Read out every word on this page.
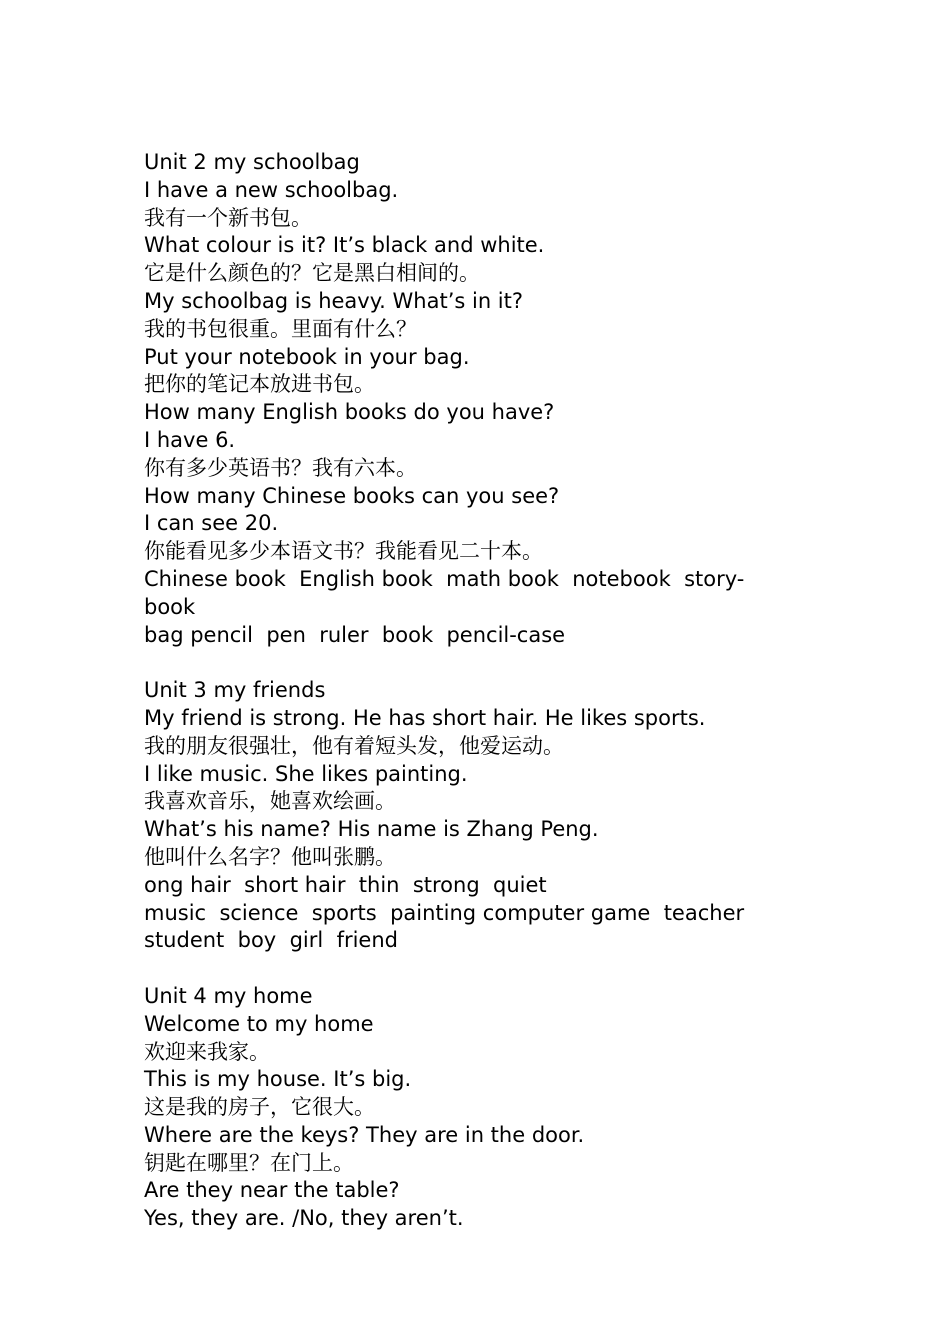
Unit 2 my schoolbag
I have a new schoolbag.
我有一个新书包。
What colour is it? It’s black and white.
它是什么颜色的？它是黑白相间的。
My schoolbag is heavy. What’s in it?
我的书包很重。里面有什么？
Put your notebook in your bag.
把你的笔记本放进书包。
How many English books do you have?
I have 6.
你有多少英语书？我有六本。
How many Chinese books can you see?
I can see 20.
你能看见多少本语文书？我能看见二十本。
Chinese book  English book  math book  notebook  story-
book
bag pencil  pen  ruler  book  pencil-case
Unit 3 my friends
My friend is strong. He has short hair. He likes sports.
我的朋友很强壮，他有着短头发，他爱运动。
I like music. She likes painting.
我喜欢音乐，她喜欢绘画。
What’s his name? His name is Zhang Peng.
他叫什么名字？他叫张鹏。
ong hair  short hair  thin  strong  quiet
music  science  sports  painting computer game  teacher
student  boy  girl  friend
Unit 4 my home
Welcome to my home
欢迎来我家。
This is my house. It’s big.
这是我的房子，它很大。
Where are the keys? They are in the door.
钥匙在哪里？在门上。
Are they near the table?
Yes, they are. /No, they aren’t.
